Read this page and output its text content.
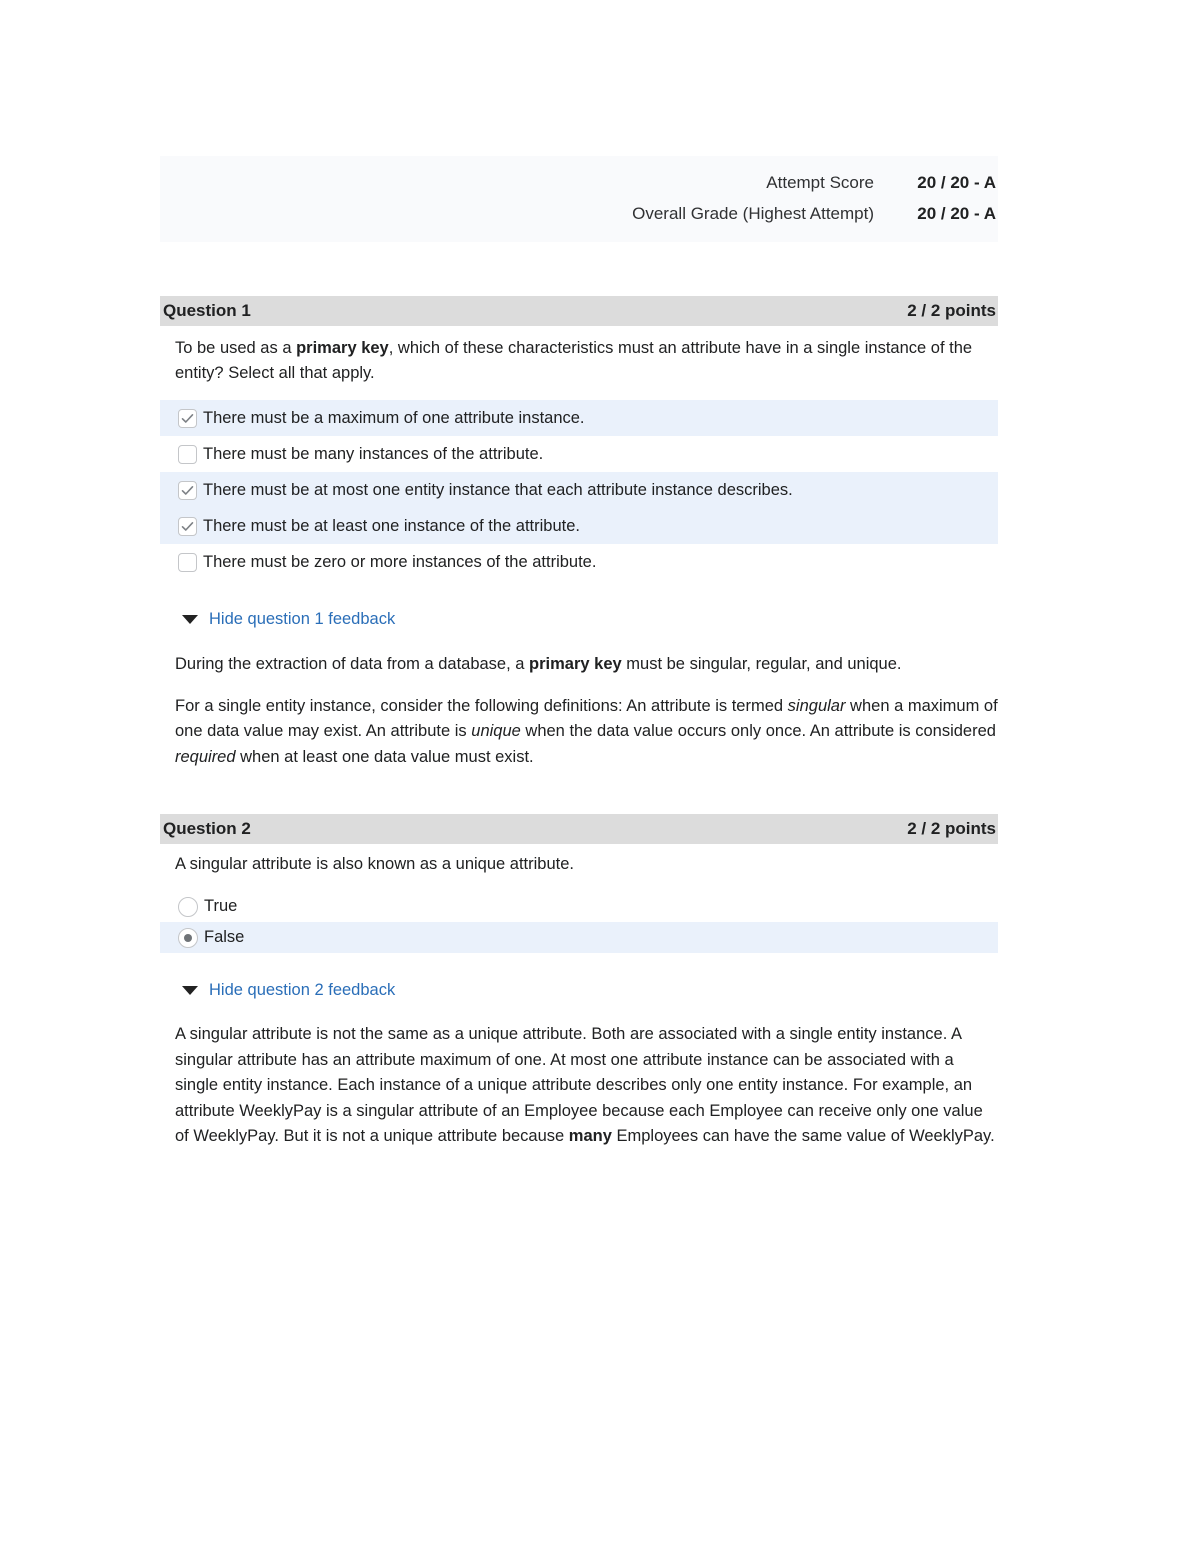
Attempt Score	20 / 20 - A
Overall Grade (Highest Attempt)	20 / 20 - A
Question 1	2 / 2 points

To be used as a primary key, which of these characteristics must an attribute have in a single instance of the entity? Select all that apply.

There must be a maximum of one attribute instance.
There must be many instances of the attribute.
There must be at most one entity instance that each attribute instance describes.
There must be at least one instance of the attribute.
There must be zero or more instances of the attribute.
Hide question 1 feedback

During the extraction of data from a database, a primary key must be singular, regular, and unique.

For a single entity instance, consider the following definitions: An attribute is termed singular when a maximum of one data value may exist. An attribute is unique when the data value occurs only once. An attribute is considered required when at least one data value must exist.

Question 2	2 / 2 points

A singular attribute is also known as a unique attribute.

True
False
Hide question 2 feedback

A singular attribute is not the same as a unique attribute. Both are associated with a single entity instance. A singular attribute has an attribute maximum of one. At most one attribute instance can be associated with a single entity instance. Each instance of a unique attribute describes only one entity instance. For example, an attribute WeeklyPay is a singular attribute of an Employee because each Employee can receive only one value of WeeklyPay. But it is not a unique attribute because many Employees can have the same value of WeeklyPay.
